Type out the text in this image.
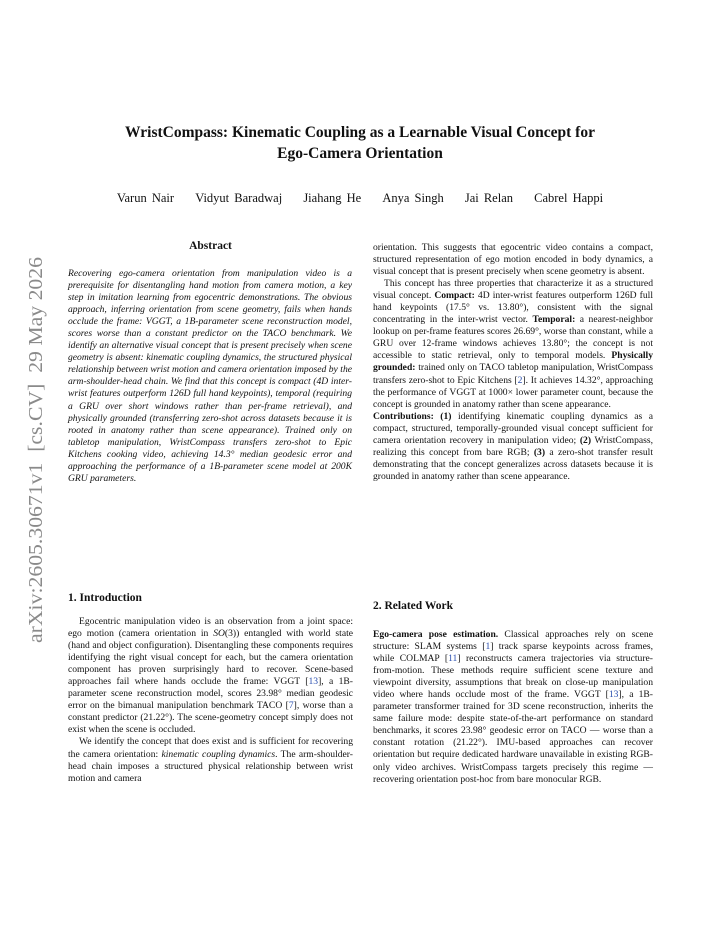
arXiv:2605.30671v1  [cs.CV]  29 May 2026
WristCompass: Kinematic Coupling as a Learnable Visual Concept for
Ego-Camera Orientation
Varun Nair Vidyut Baradwaj Jiahang He Anya Singh Jai Relan Cabrel Happi
Abstract

Recovering ego-camera orientation from manipulation video is a prerequisite for disentangling hand motion from camera motion, a key step in imitation learning from egocentric demonstrations. The obvious approach, inferring orientation from scene geometry, fails when hands occlude the frame: VGGT, a 1B-parameter scene reconstruction model, scores worse than a constant predictor on the TACO benchmark. We identify an alternative visual concept that is present precisely when scene geometry is absent: kinematic coupling dynamics, the structured physical relationship between wrist motion and camera orientation imposed by the arm-shoulder-head chain. We find that this concept is compact (4D inter-wrist features outperform 126D full hand keypoints), temporal (requiring a GRU over short windows rather than per-frame retrieval), and physically grounded (transferring zero-shot across datasets because it is rooted in anatomy rather than scene appearance). Trained only on tabletop manipulation, WristCompass transfers zero-shot to Epic Kitchens cooking video, achieving 14.3° median geodesic error and approaching the performance of a 1B-parameter scene model at 200K GRU parameters.

1. Introduction

Egocentric manipulation video is an observation from a joint space: ego motion (camera orientation in SO(3)) entangled with world state (hand and object configuration). Disentangling these components requires identifying the right visual concept for each, but the camera orientation component has proven surprisingly hard to recover. Scene-based approaches fail where hands occlude the frame: VGGT [13], a 1B-parameter scene reconstruction model, scores 23.98° median geodesic error on the bimanual manipulation benchmark TACO [7], worse than a constant predictor (21.22°). The scene-geometry concept simply does not exist when the scene is occluded.

We identify the concept that does exist and is sufficient for recovering the camera orientation: kinematic coupling dynamics. The arm-shoulder-head chain imposes a structured physical relationship between wrist motion and camera

orientation. This suggests that egocentric video contains a compact, structured representation of ego motion encoded in body dynamics, a visual concept that is present precisely when scene geometry is absent.

This concept has three properties that characterize it as a structured visual concept. Compact: 4D inter-wrist features outperform 126D full hand keypoints (17.5° vs. 13.80°), consistent with the signal concentrating in the inter-wrist vector. Temporal: a nearest-neighbor lookup on per-frame features scores 26.69°, worse than constant, while a GRU over 12-frame windows achieves 13.80°; the concept is not accessible to static retrieval, only to temporal models. Physically grounded: trained only on TACO tabletop manipulation, WristCompass transfers zero-shot to Epic Kitchens [2]. It achieves 14.32°, approaching the performance of VGGT at 1000× lower parameter count, because the concept is grounded in anatomy rather than scene appearance.

Contributions: (1) identifying kinematic coupling dynamics as a compact, structured, temporally-grounded visual concept sufficient for camera orientation recovery in manipulation video; (2) WristCompass, realizing this concept from bare RGB; (3) a zero-shot transfer result demonstrating that the concept generalizes across datasets because it is grounded in anatomy rather than scene appearance.

2. Related Work

Ego-camera pose estimation. Classical approaches rely on scene structure: SLAM systems [1] track sparse keypoints across frames, while COLMAP [11] reconstructs camera trajectories via structure-from-motion. These methods require sufficient scene texture and viewpoint diversity, assumptions that break on close-up manipulation video where hands occlude most of the frame. VGGT [13], a 1B-parameter transformer trained for 3D scene reconstruction, inherits the same failure mode: despite state-of-the-art performance on standard benchmarks, it scores 23.98° geodesic error on TACO — worse than a constant rotation (21.22°). IMU-based approaches can recover orientation but require dedicated hardware unavailable in existing RGB-only video archives. WristCompass targets precisely this regime — recovering orientation post-hoc from bare monocular RGB.
